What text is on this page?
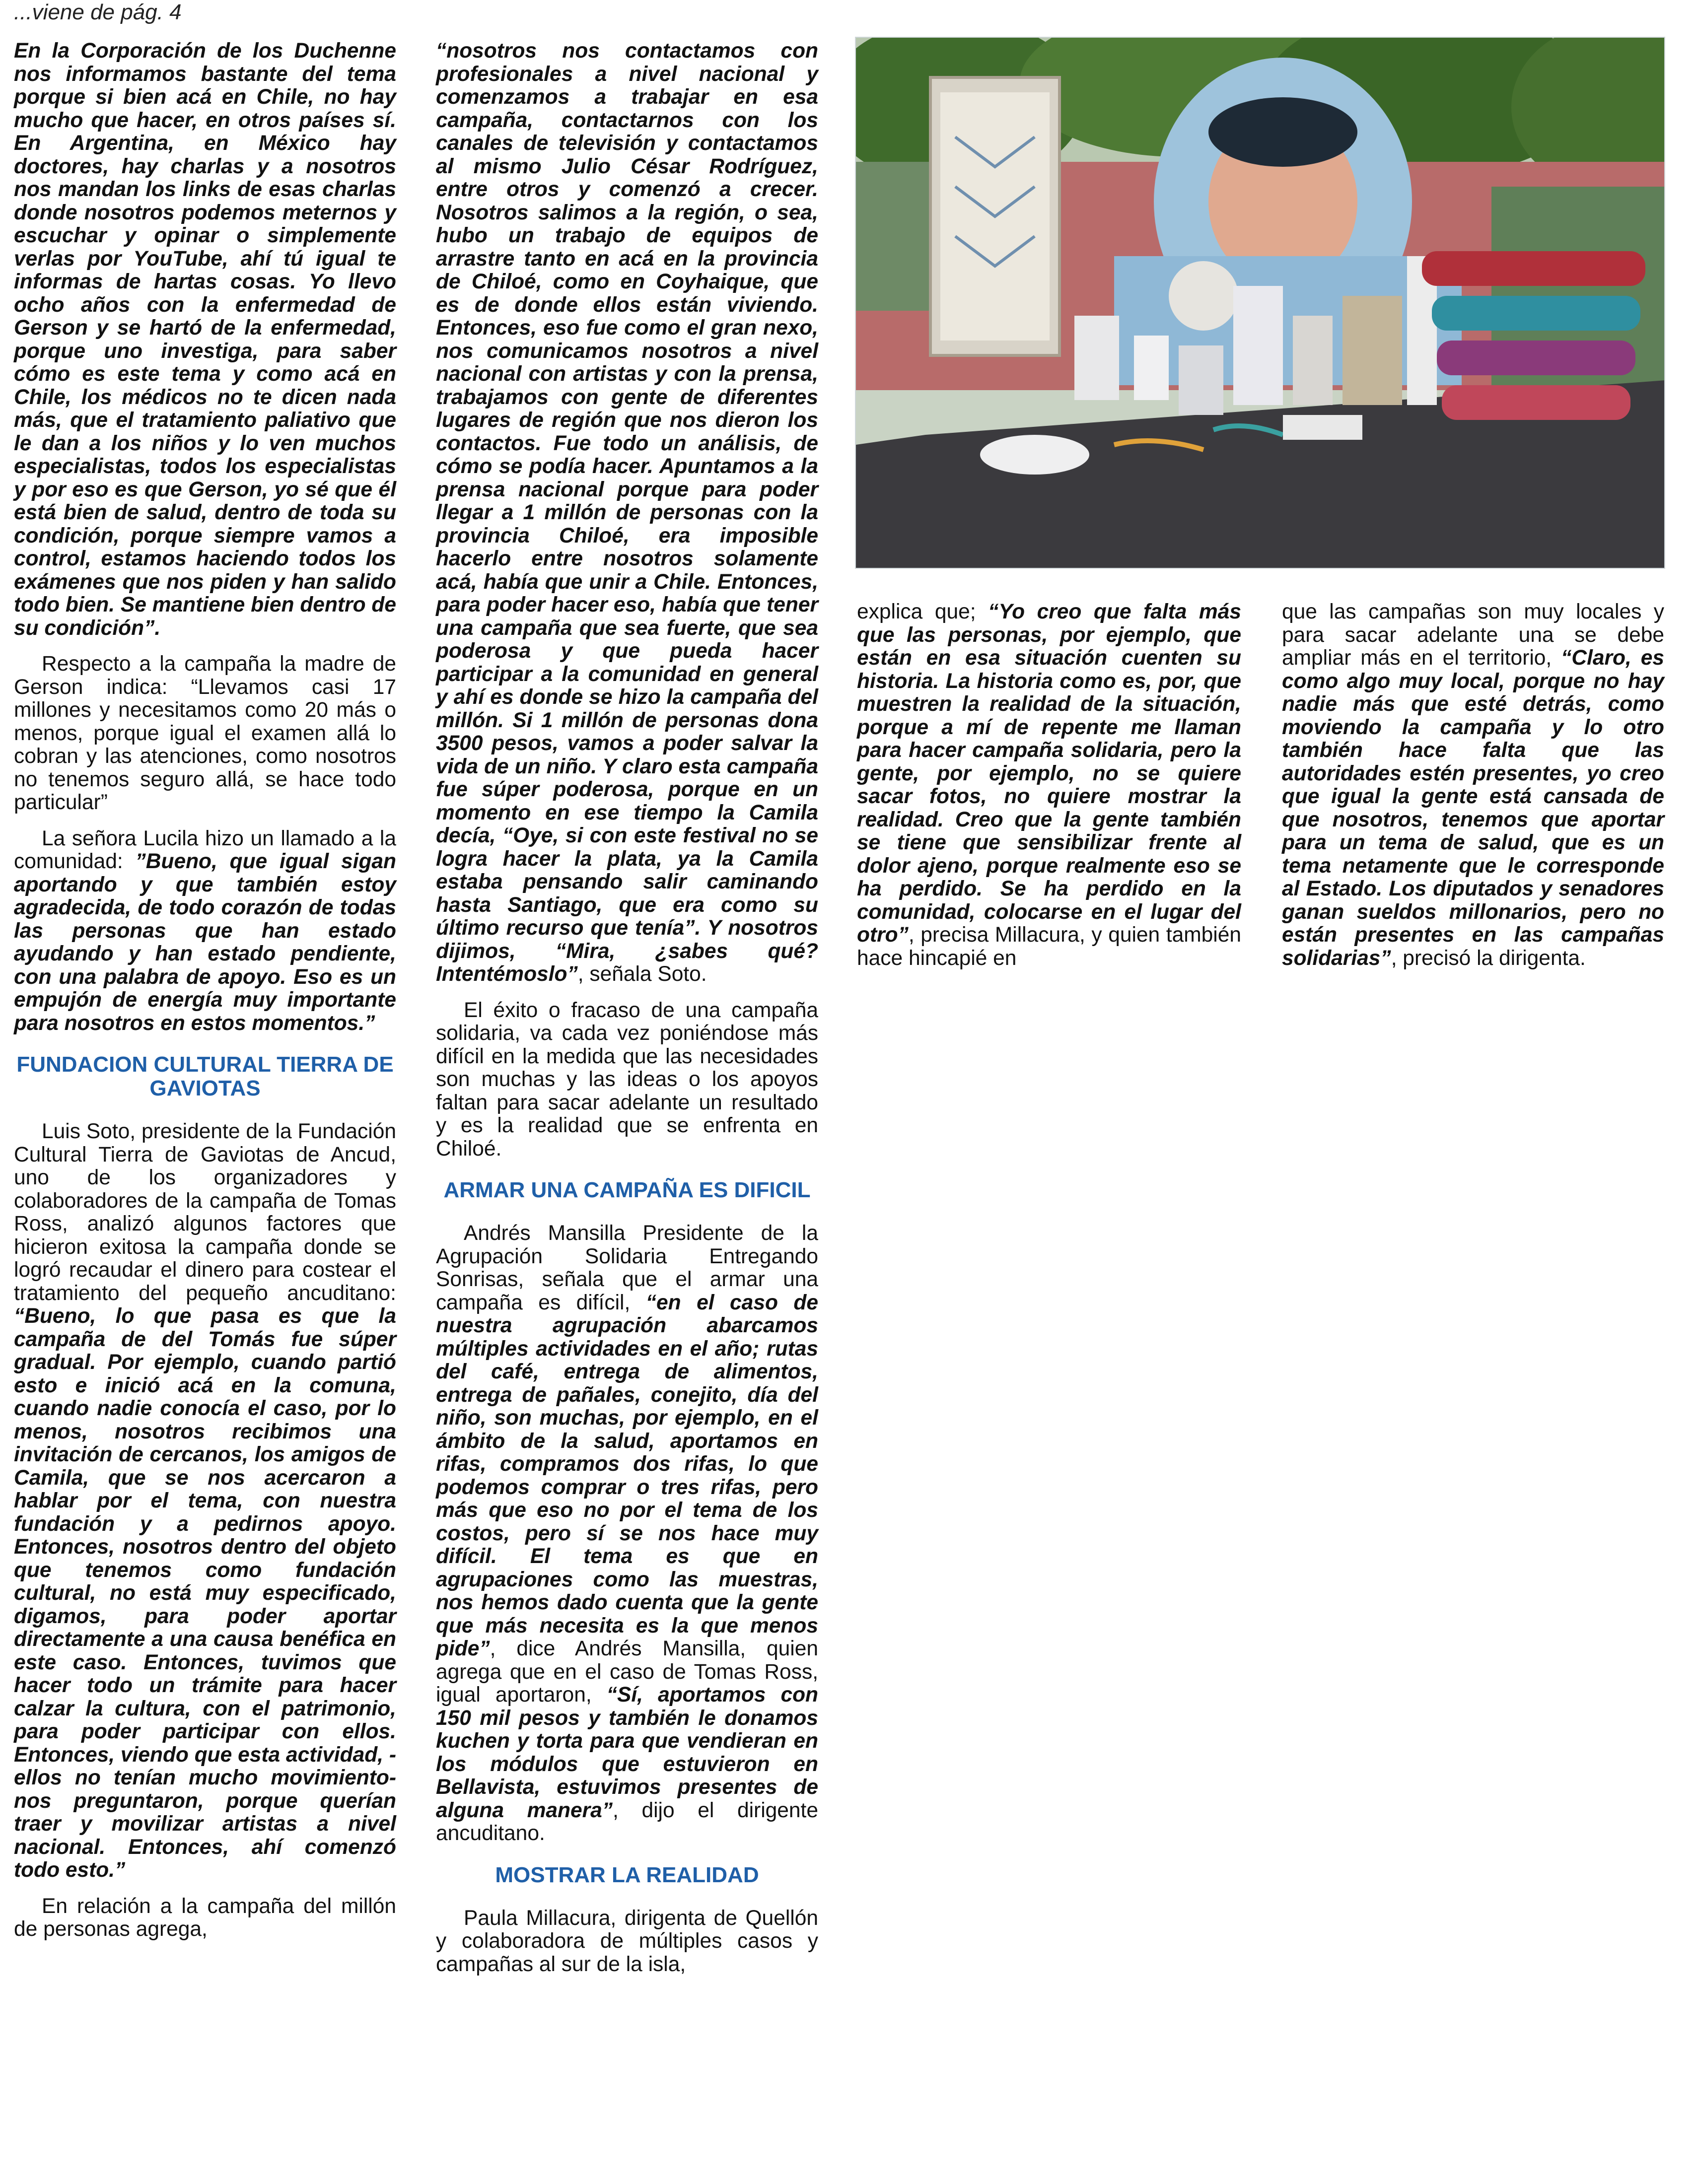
...viene de pág. 4

En la Corporación de los Duchenne nos informamos bastante del tema porque si bien acá en Chile, no hay mucho que hacer, en otros países sí. En Argentina, en México hay doctores, hay charlas y a nosotros nos mandan los links de esas charlas donde nosotros podemos meternos y escuchar y opinar o simplemente verlas por YouTube, ahí tú igual te informas de hartas cosas. Yo llevo ocho años con la enfermedad de Gerson y se hartó de la enfermedad, porque uno investiga, para saber cómo es este tema y como acá en Chile, los médicos no te dicen nada más, que el tratamiento paliativo que le dan a los niños y lo ven muchos especialistas, todos los especialistas y por eso es que Gerson, yo sé que él está bien de salud, dentro de toda su condición, porque siempre vamos a control, estamos haciendo todos los exámenes que nos piden y han salido todo bien. Se mantiene bien dentro de su condición”.

Respecto a la campaña la madre de Gerson indica: “Llevamos casi 17 millones y necesitamos como 20 más o menos, porque igual el examen allá lo cobran y las atenciones, como nosotros no tenemos seguro allá, se hace todo particular”

La señora Lucila hizo un llamado a la comunidad: ”Bueno, que igual sigan aportando y que también estoy agradecida, de todo corazón de todas las personas que han estado ayudando y han estado pendiente, con una palabra de apoyo. Eso es un empujón de energía muy importante para nosotros en estos momentos.”

FUNDACION CULTURAL TIERRA DE GAVIOTAS

Luis Soto, presidente de la Fundación Cultural Tierra de Gaviotas de Ancud, uno de los organizadores y colaboradores de la campaña de Tomas Ross, analizó algunos factores que hicieron exitosa la campaña donde se logró recaudar el dinero para costear el tratamiento del pequeño ancuditano: “Bueno, lo que pasa es que la campaña de del Tomás fue súper gradual. Por ejemplo, cuando partió esto e inició acá en la comuna, cuando nadie conocía el caso, por lo menos, nosotros recibimos una invitación de cercanos, los amigos de Camila, que se nos acercaron a hablar por el tema, con nuestra fundación y a pedirnos apoyo. Entonces, nosotros dentro del objeto que tenemos como fundación cultural, no está muy especificado, digamos, para poder aportar directamente a una causa benéfica en este caso. Entonces, tuvimos que hacer todo un trámite para hacer calzar la cultura, con el patrimonio, para poder participar con ellos. Entonces, viendo que esta actividad, -ellos no tenían mucho movimiento-nos preguntaron, porque querían traer y movilizar artistas a nivel nacional. Entonces, ahí comenzó todo esto.”

En relación a la campaña del millón de personas agrega,

“nosotros nos contactamos con profesionales a nivel nacional y comenzamos a trabajar en esa campaña, contactarnos con los canales de televisión y contactamos al mismo Julio César Rodríguez, entre otros y comenzó a crecer. Nosotros salimos a la región, o sea, hubo un trabajo de equipos de arrastre tanto en acá en la provincia de Chiloé, como en Coyhaique, que es de donde ellos están viviendo. Entonces, eso fue como el gran nexo, nos comunicamos nosotros a nivel nacional con artistas y con la prensa, trabajamos con gente de diferentes lugares de región que nos dieron los contactos. Fue todo un análisis, de cómo se podía hacer. Apuntamos a la prensa nacional porque para poder llegar a 1 millón de personas con la provincia Chiloé, era imposible hacerlo entre nosotros solamente acá, había que unir a Chile. Entonces, para poder hacer eso, había que tener una campaña que sea fuerte, que sea poderosa y que pueda hacer participar a la comunidad en general y ahí es donde se hizo la campaña del millón. Si 1 millón de personas dona 3500 pesos, vamos a poder salvar la vida de un niño. Y claro esta campaña fue súper poderosa, porque en un momento en ese tiempo la Camila decía, “Oye, si con este festival no se logra hacer la plata, ya la Camila estaba pensando salir caminando hasta Santiago, que era como su último recurso que tenía”. Y nosotros dijimos, “Mira, ¿sabes qué? Intentémoslo”, señala Soto.

El éxito o fracaso de una campaña solidaria, va cada vez poniéndose más difícil en la medida que las necesidades son muchas y las ideas o los apoyos faltan para sacar adelante un resultado y es la realidad que se enfrenta en Chiloé.

ARMAR UNA CAMPAÑA ES DIFICIL

Andrés Mansilla Presidente de la Agrupación Solidaria Entregando Sonrisas, señala que el armar una campaña es difícil, “en el caso de nuestra agrupación abarcamos múltiples actividades en el año; rutas del café, entrega de alimentos, entrega de pañales, conejito, día del niño, son muchas, por ejemplo, en el ámbito de la salud, aportamos en rifas, compramos dos rifas, lo que podemos comprar o tres rifas, pero más que eso no por el tema de los costos, pero sí se nos hace muy difícil. El tema es que en agrupaciones como las muestras, nos hemos dado cuenta que la gente que más necesita es la que menos pide”, dice Andrés Mansilla, quien agrega que en el caso de Tomas Ross, igual aportaron, “Sí, aportamos con 150 mil pesos y también le donamos kuchen y torta para que vendieran en los módulos que estuvieron en Bellavista, estuvimos presentes de alguna manera”, dijo el dirigente ancuditano.

MOSTRAR LA REALIDAD

Paula Millacura, dirigenta de Quellón y colaboradora de múltiples casos y campañas al sur de la isla,

explica que; “Yo creo que falta más que las personas, por ejemplo, que están en esa situación cuenten su historia. La historia como es, por, que muestren la realidad de la situación, porque a mí de repente me llaman para hacer campaña solidaria, pero la gente, por ejemplo, no se quiere sacar fotos, no quiere mostrar la realidad. Creo que la gente también se tiene que sensibilizar frente al dolor ajeno, porque realmente eso se ha perdido. Se ha perdido en la comunidad, colocarse en el lugar del otro”, precisa Millacura, y quien también hace hincapié en

que las campañas son muy locales y para sacar adelante una se debe ampliar más en el territorio, “Claro, es como algo muy local, porque no hay nadie más que esté detrás, como moviendo la campaña y lo otro también hace falta que las autoridades estén presentes, yo creo que igual la gente está cansada de que nosotros, tenemos que aportar para un tema de salud, que es un tema netamente que le corresponde al Estado. Los diputados y senadores ganan sueldos millonarios, pero no están presentes en las campañas solidarias”, precisó la dirigenta.
